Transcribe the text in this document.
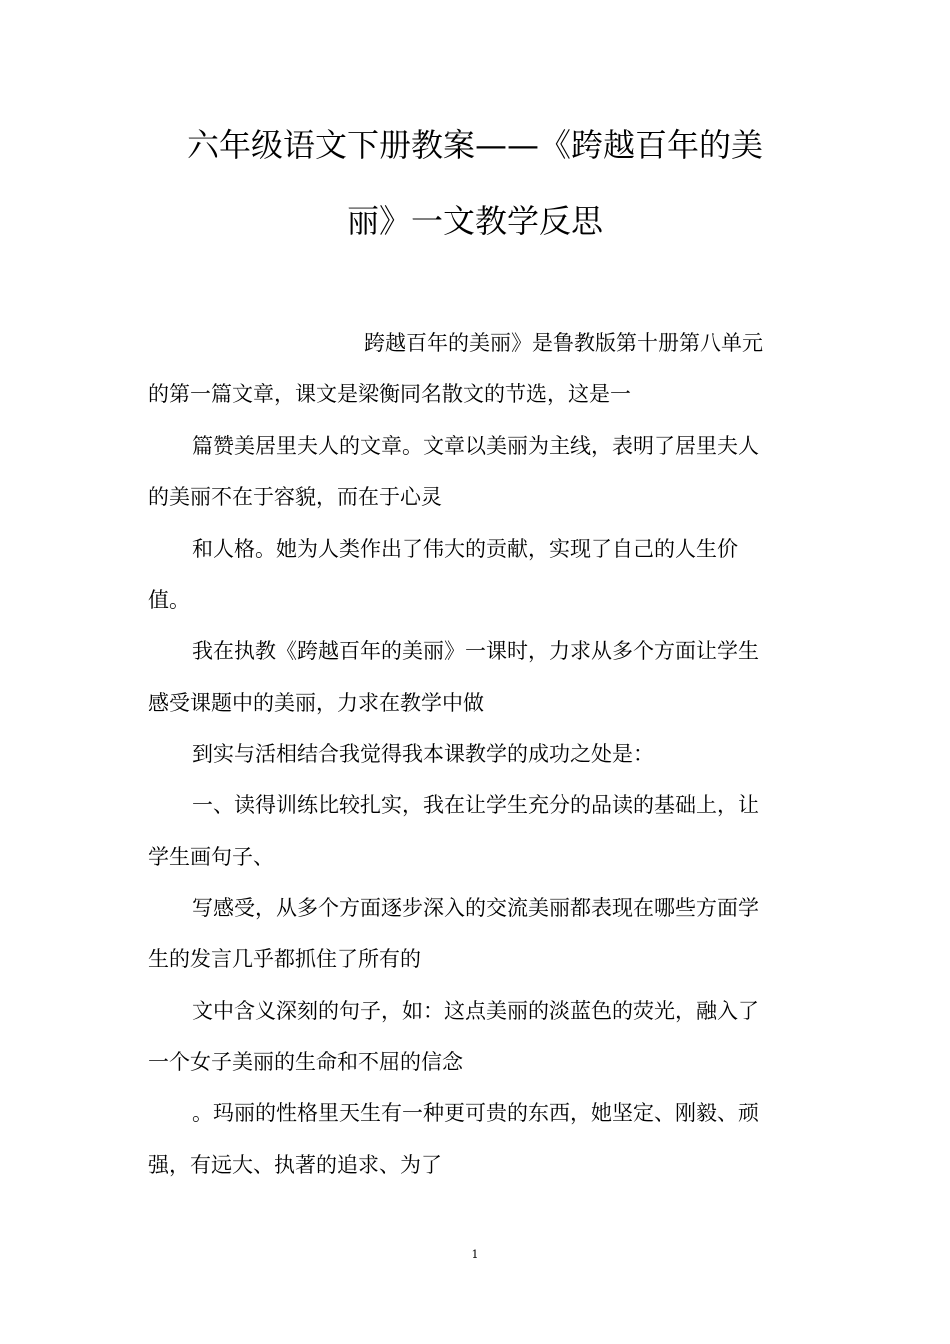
六年级语文下册教案——《跨越百年的美
丽》一文教学反思
跨越百年的美丽》是鲁教版第十册第八单元
的第一篇文章，课文是梁衡同名散文的节选，这是一
篇赞美居里夫人的文章。文章以美丽为主线，表明了居里夫人
的美丽不在于容貌，而在于心灵
和人格。她为人类作出了伟大的贡献，实现了自己的人生价
值。
我在执教《跨越百年的美丽》一课时，力求从多个方面让学生
感受课题中的美丽，力求在教学中做
到实与活相结合我觉得我本课教学的成功之处是：
一、读得训练比较扎实，我在让学生充分的品读的基础上，让
学生画句子、
写感受，从多个方面逐步深入的交流美丽都表现在哪些方面学
生的发言几乎都抓住了所有的
文中含义深刻的句子，如：这点美丽的淡蓝色的荧光，融入了
一个女子美丽的生命和不屈的信念
。玛丽的性格里天生有一种更可贵的东西，她坚定、刚毅、顽
强，有远大、执著的追求、为了
1
